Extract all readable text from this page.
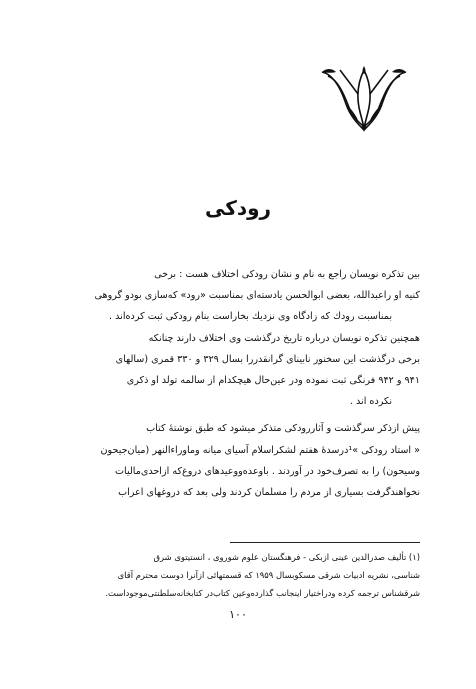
رودکی

بین تذکره نویسان راجع به نام و نشان رودکی اختلاف هست : برخی
کنیه او راعبدالله، بعضی ابوالحسن یادسته‌ای بمناسبت «رود» کەسازی بودو گروهی
بمناسبت رودك که زادگاه وی نزدیك بخاراست بنام رودکی ثبت کرده‌اند .

همچنین تذکره نویسان درباره تاریخ درگذشت وی اختلاف دارند چنانکه
برخی درگذشت این سخنور نابینای گرانقدررا بسال ۳۲۹ و ۳۳۰ قمری (سالهای
۹۴۱ و ۹۴۲ فرنگی ثبت نموده ودر عین‌حال هیچکدام از سالمه تولد او ذکری
نکرده اند .

پیش ازذکر سرگذشت و آثاررودکی متذکر میشود که طبق نوشتهٔ کتاب
« استاد رودکی »¹درسدهٔ هفتم لشکراسلام آسیای میانه وماوراءالنهر (میان‌جیحون
وسیحون) را به تصرف‌خود در آوردند . باوعده‌ووعیدهای دروغ‌که ازاحدی‌مالیات
نخواهندگرفت بسیاری از مردم را مسلمان کردند ولی بعد که دروغهای اعراب

(۱) تألیف صدرالدین عینی ازبکی - فرهنگستان علوم شوروی ، انستیتوی شرق
شناسی، نشریه ادبیات شرقی مسکوبسال ۱۹۵۹ که قسمتهائی ازآنرا دوست محترم آقای
شرقشناس ترجمه کرده ودراختیار اینجانب گذاردەوعین کتاب‌در کتابخانه‌سلطنتی‌موجوداست.
۱۰۰
